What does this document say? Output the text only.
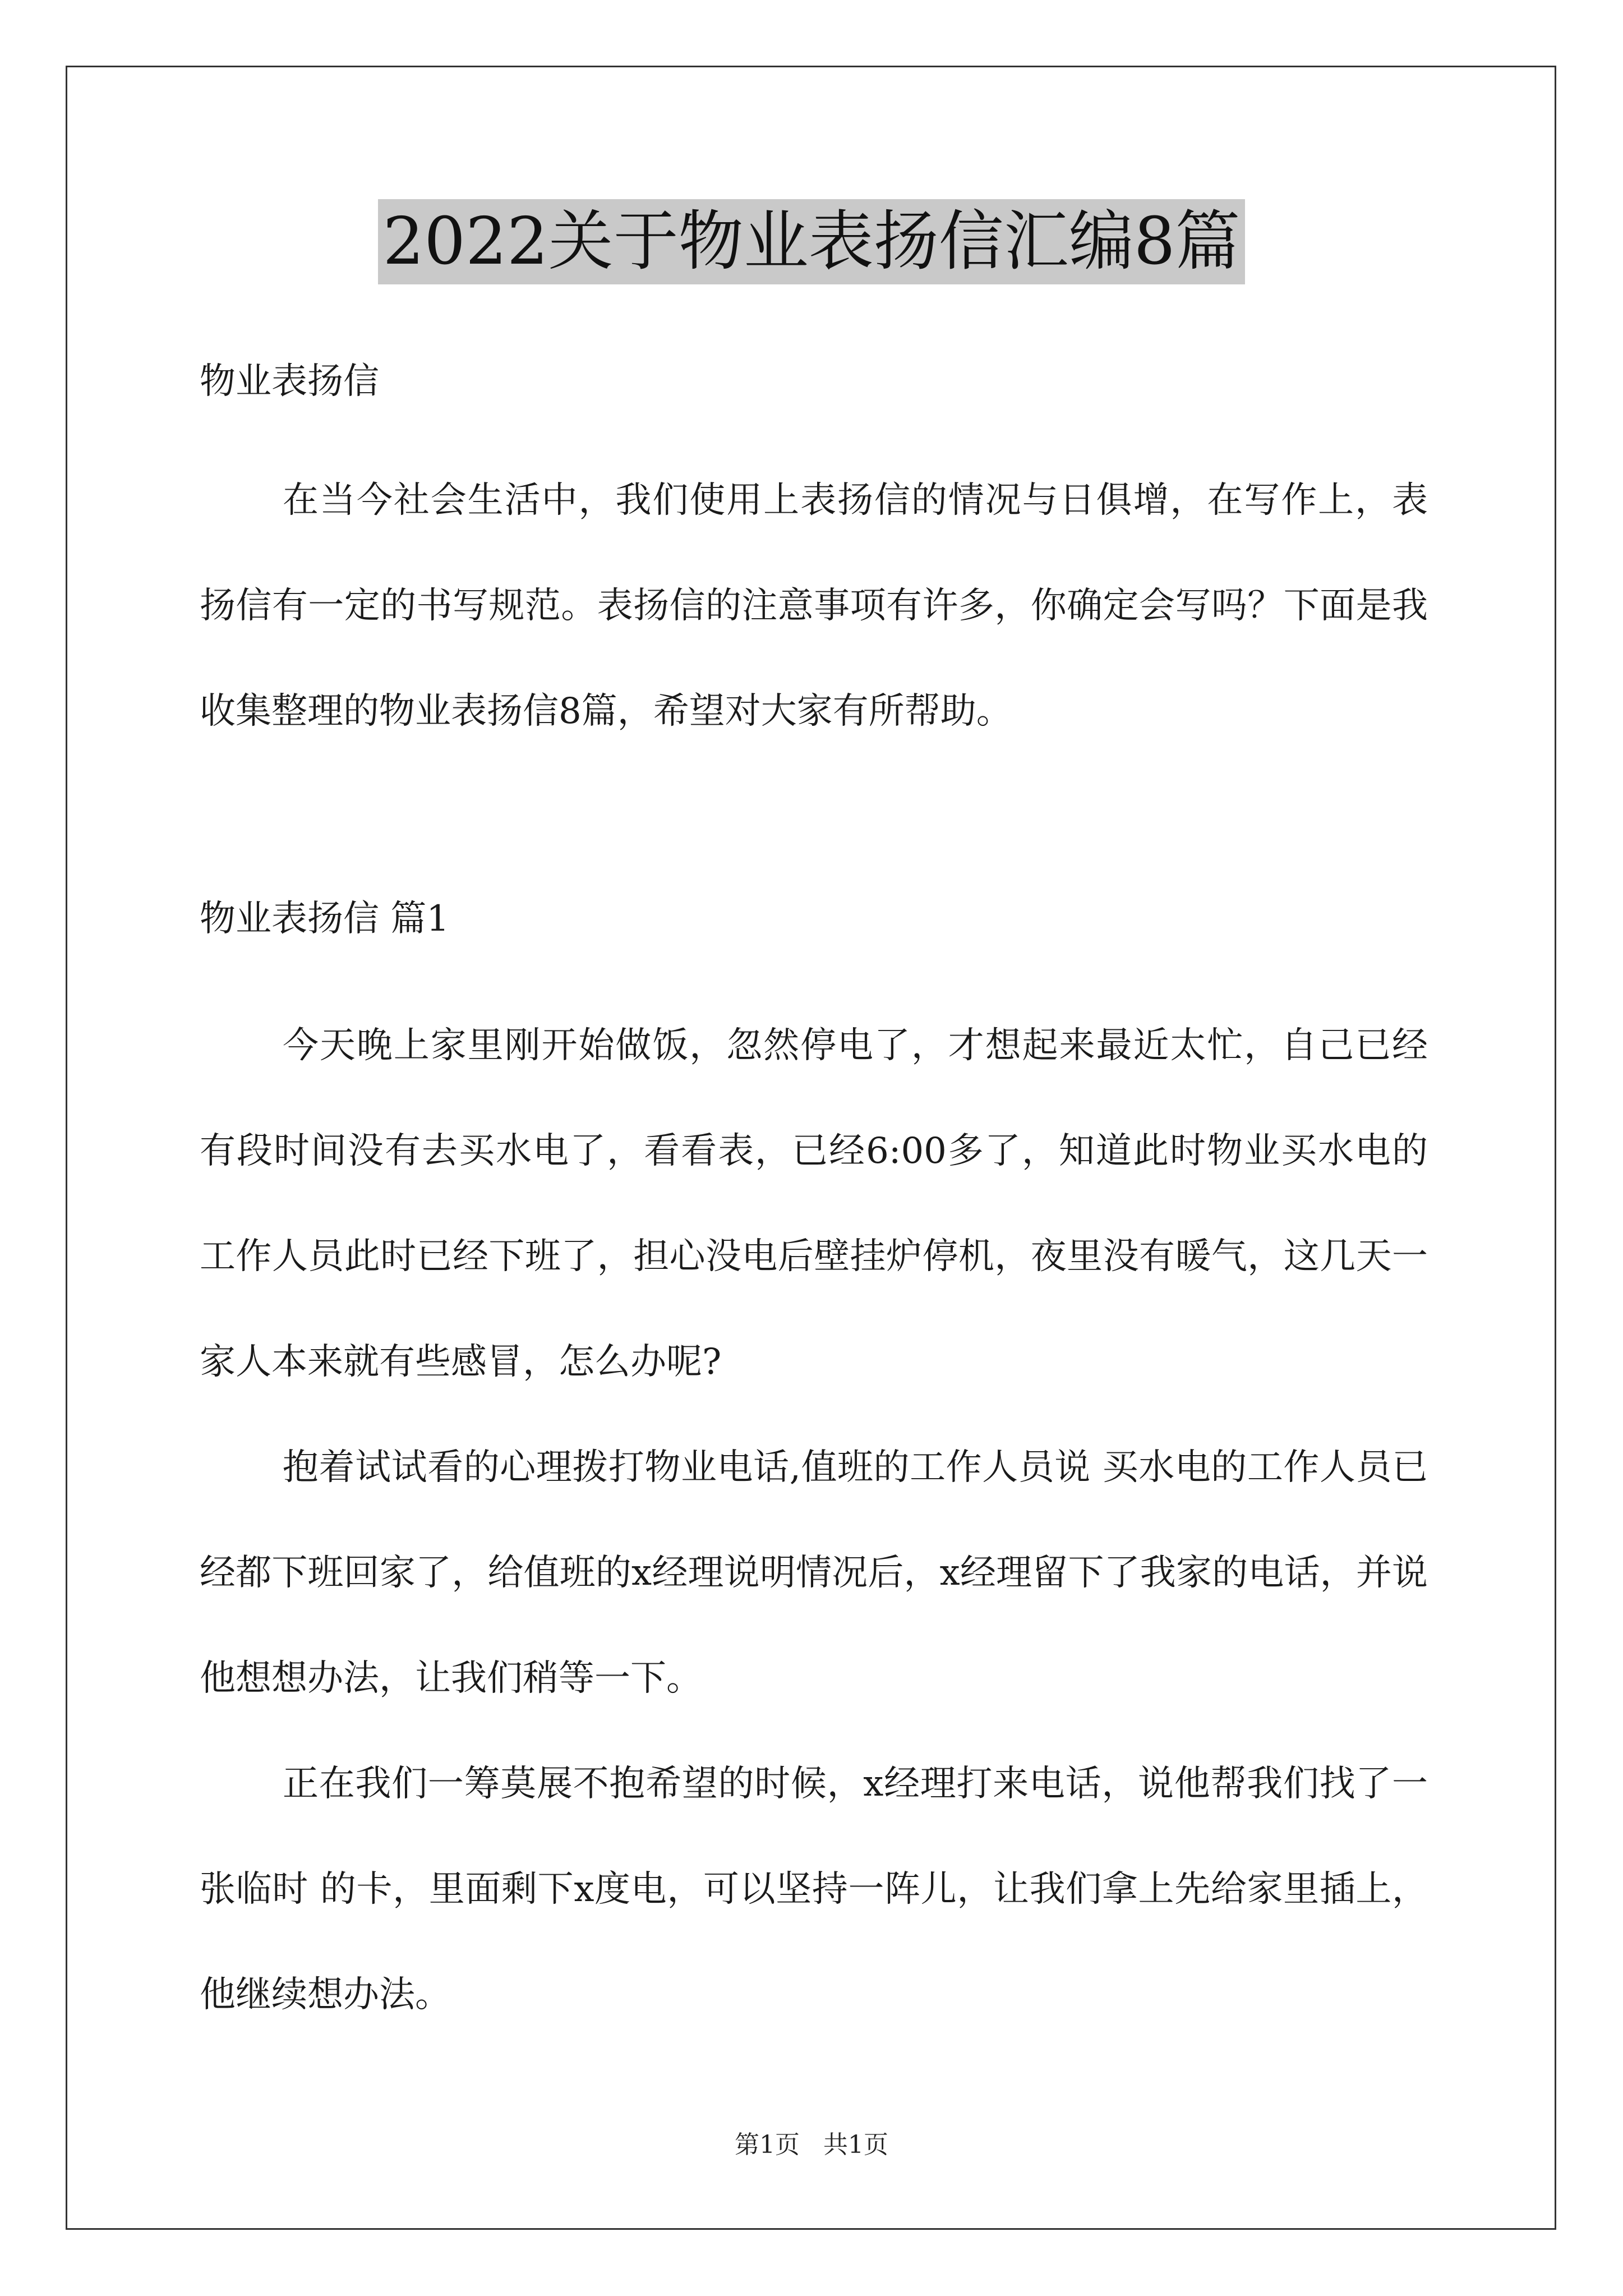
2022关于物业表扬信汇编8篇

物业表扬信

在当今社会生活中，我们使用上表扬信的情况与日俱增，在写作上，表扬信有一定的书写规范。表扬信的注意事项有许多，你确定会写吗？下面是我收集整理的物业表扬信8篇，希望对大家有所帮助。

物业表扬信 篇1

今天晚上家里刚开始做饭，忽然停电了，才想起来最近太忙，自己已经有段时间没有去买水电了，看看表，已经6:00多了，知道此时物业买水电的工作人员此时已经下班了，担心没电后壁挂炉停机，夜里没有暖气，这几天一家人本来就有些感冒，怎么办呢?

抱着试试看的心理拨打物业电话,值班的工作人员说 买水电的工作人员已经都下班回家了，给值班的x经理说明情况后，x经理留下了我家的电话，并说他想想办法，让我们稍等一下。

正在我们一筹莫展不抱希望的时候，x经理打来电话，说他帮我们找了一张临时 的卡，里面剩下x度电，可以坚持一阵儿，让我们拿上先给家里插上，他继续想办法。

第1页   共1页
